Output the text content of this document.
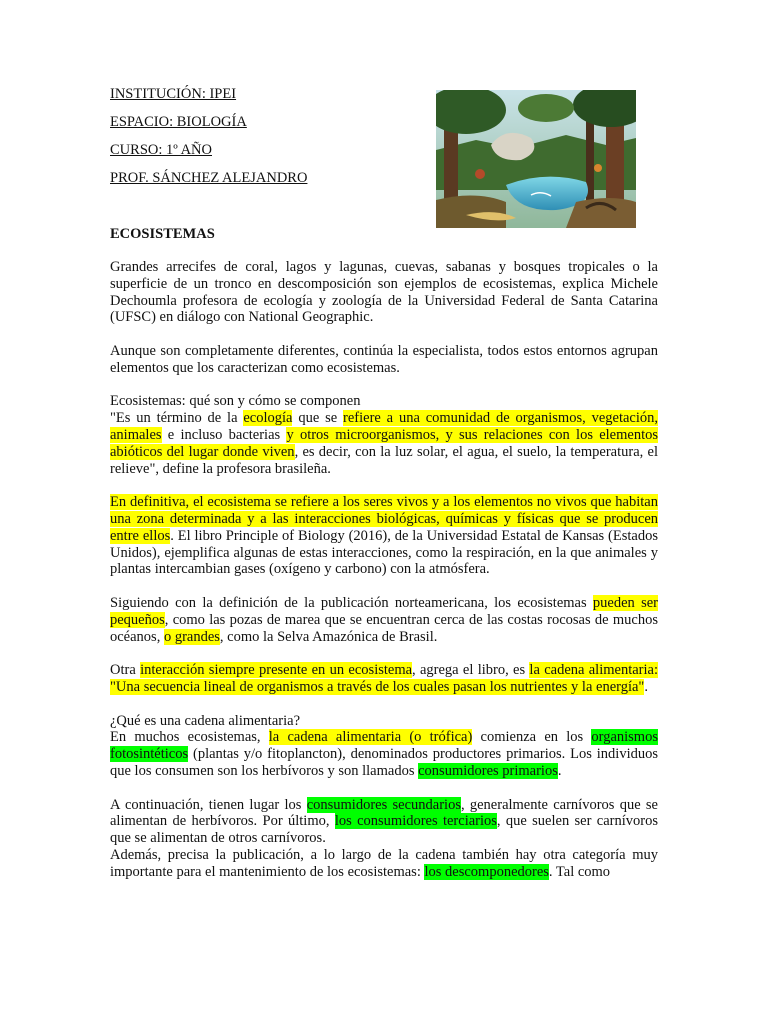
INSTITUCIÓN: IPEI
ESPACIO: BIOLOGÍA
CURSO: 1º AÑO
PROF. SÁNCHEZ ALEJANDRO
ECOSISTEMAS

Grandes arrecifes de coral, lagos y lagunas, cuevas, sabanas y bosques tropicales o la superficie de un tronco en descomposición son ejemplos de ecosistemas, explica Michele Dechoumla profesora de ecología y zoología de la Universidad Federal de Santa Catarina (UFSC) en diálogo con National Geographic.

Aunque son completamente diferentes, continúa la especialista, todos estos entornos agrupan elementos que los caracterizan como ecosistemas.

Ecosistemas: qué son y cómo se componen

"Es un término de la ecología que se refiere a una comunidad de organismos, vegetación, animales e incluso bacterias y otros microorganismos, y sus relaciones con los elementos abióticos del lugar donde viven, es decir, con la luz solar, el agua, el suelo, la temperatura, el relieve", define la profesora brasileña.

En definitiva, el ecosistema se refiere a los seres vivos y a los elementos no vivos que habitan una zona determinada y a las interacciones biológicas, químicas y físicas que se producen entre ellos. El libro Principle of Biology (2016), de la Universidad Estatal de Kansas (Estados Unidos), ejemplifica algunas de estas interacciones, como la respiración, en la que animales y plantas intercambian gases (oxígeno y carbono) con la atmósfera.

Siguiendo con la definición de la publicación norteamericana, los ecosistemas pueden ser pequeños, como las pozas de marea que se encuentran cerca de las costas rocosas de muchos océanos, o grandes, como la Selva Amazónica de Brasil.

Otra interacción siempre presente en un ecosistema, agrega el libro, es la cadena alimentaria: "Una secuencia lineal de organismos a través de los cuales pasan los nutrientes y la energía".

¿Qué es una cadena alimentaria?

En muchos ecosistemas, la cadena alimentaria (o trófica) comienza en los organismos fotosintéticos (plantas y/o fitoplancton), denominados productores primarios. Los individuos que los consumen son los herbívoros y son llamados consumidores primarios.

A continuación, tienen lugar los consumidores secundarios, generalmente carnívoros que se alimentan de herbívoros. Por último, los consumidores terciarios, que suelen ser carnívoros que se alimentan de otros carnívoros.

Además, precisa la publicación, a lo largo de la cadena también hay otra categoría muy importante para el mantenimiento de los ecosistemas: los descomponedores. Tal como
